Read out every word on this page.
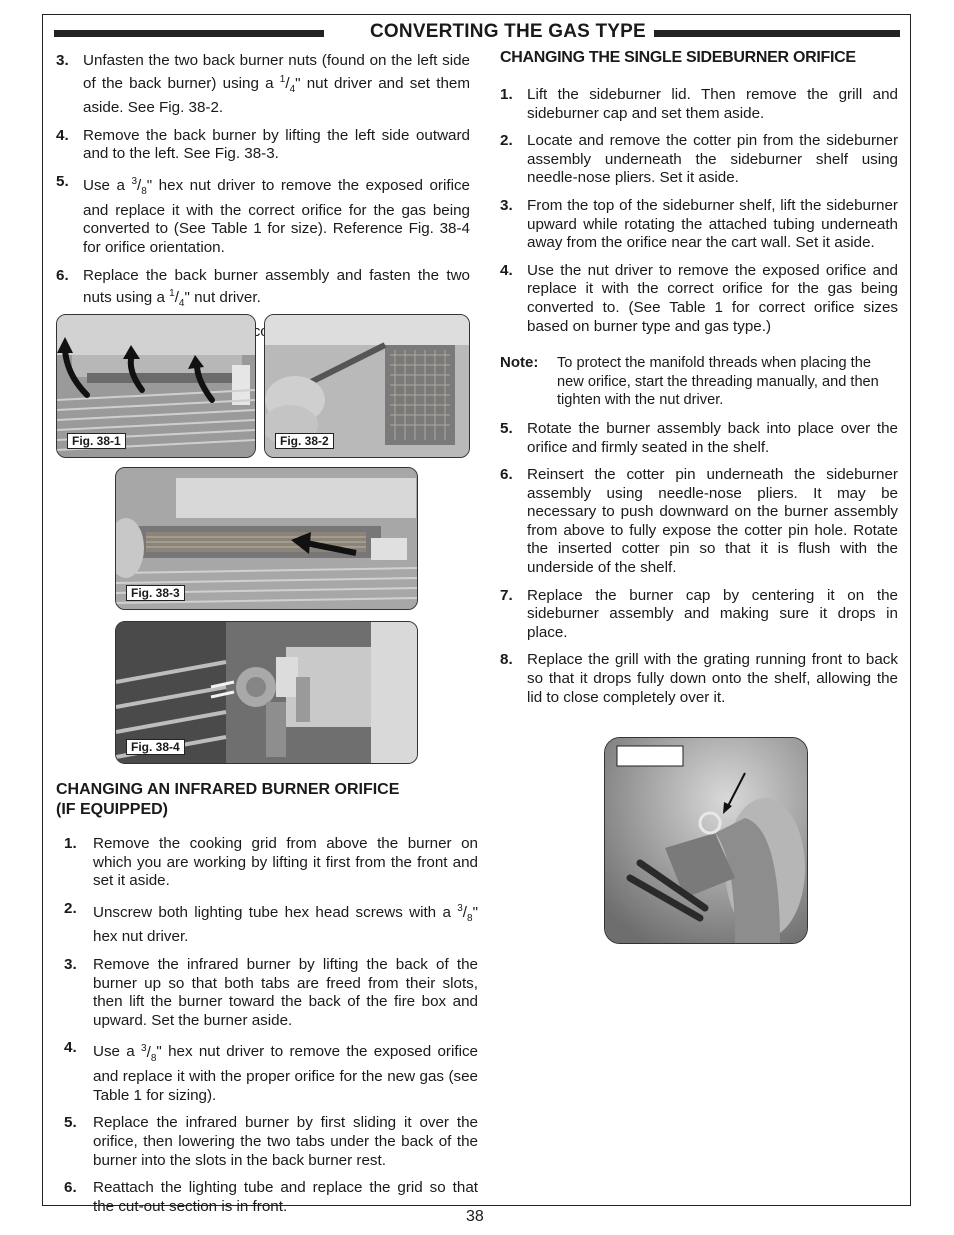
CONVERTING THE GAS TYPE
3. Unfasten the two back burner nuts (found on the left side of the back burner) using a $^1/_4$" nut driver and set them aside. See Fig. 38-2.
4. Remove the back burner by lifting the left side outward and to the left. See Fig. 38-3.
5. Use a $^3/_8$" hex nut driver to remove the exposed orifice and replace it with the correct orifice for the gas being converted to (See Table 1 for size). Reference Fig. 38-4 for orifice orientation.
6. Replace the back burner assembly and fasten the two nuts using a $^1/_4$" nut driver.
Fig. 38-1	Fig. 38-2
Fig. 38-3
Fig. 38-4
CHANGING AN INFRARED BURNER ORIFICE
(IF EQUIPPED)
1. Remove the cooking grid from above the burner on which you are working by lifting it first from the front and set it aside.
2. Unscrew both lighting tube hex head screws with a $^3/_8$" hex nut driver.
3. Remove the infrared burner by lifting the back of the burner up so that both tabs are freed from their slots, then lift the burner toward the back of the fire box and upward. Set the burner aside.
4. Use a $^3/_8$" hex nut driver to remove the exposed orifice and replace it with the proper orifice for the new gas (see Table 1 for sizing).
5. Replace the infrared burner by first sliding it over the orifice, then lowering the two tabs under the back of the burner into the slots in the back burner rest.
6. Reattach the lighting tube and replace the grid so that the cut-out section is in front.
CHANGING THE SINGLE SIDEBURNER ORIFICE
1. Lift the sideburner lid. Then remove the grill and sideburner cap and set them aside.
2. Locate and remove the cotter pin from the sideburner assembly underneath the sideburner shelf using needle-nose pliers. Set it aside.
3. From the top of the sideburner shelf, lift the sideburner upward while rotating the attached tubing underneath away from the orifice near the cart wall. Set it aside.
4. Use the nut driver to remove the exposed orifice and replace it with the correct orifice for the gas being converted to. (See Table 1 for correct orifice sizes based on burner type and gas type.)
Note: To protect the manifold threads when placing the new orifice, start the threading manually, and then tighten with the nut driver.
5. Rotate the burner assembly back into place over the orifice and firmly seated in the shelf.
6. Reinsert the cotter pin underneath the sideburner assembly using needle-nose pliers. It may be necessary to push downward on the burner assembly from above to fully expose the cotter pin hole. Rotate the inserted cotter pin so that it is flush with the underside of the shelf.
7. Replace the burner cap by centering it on the sideburner assembly and making sure it drops in place.
8. Replace the grill with the grating running front to back so that it drops fully down onto the shelf, allowing the lid to close completely over it.
38
